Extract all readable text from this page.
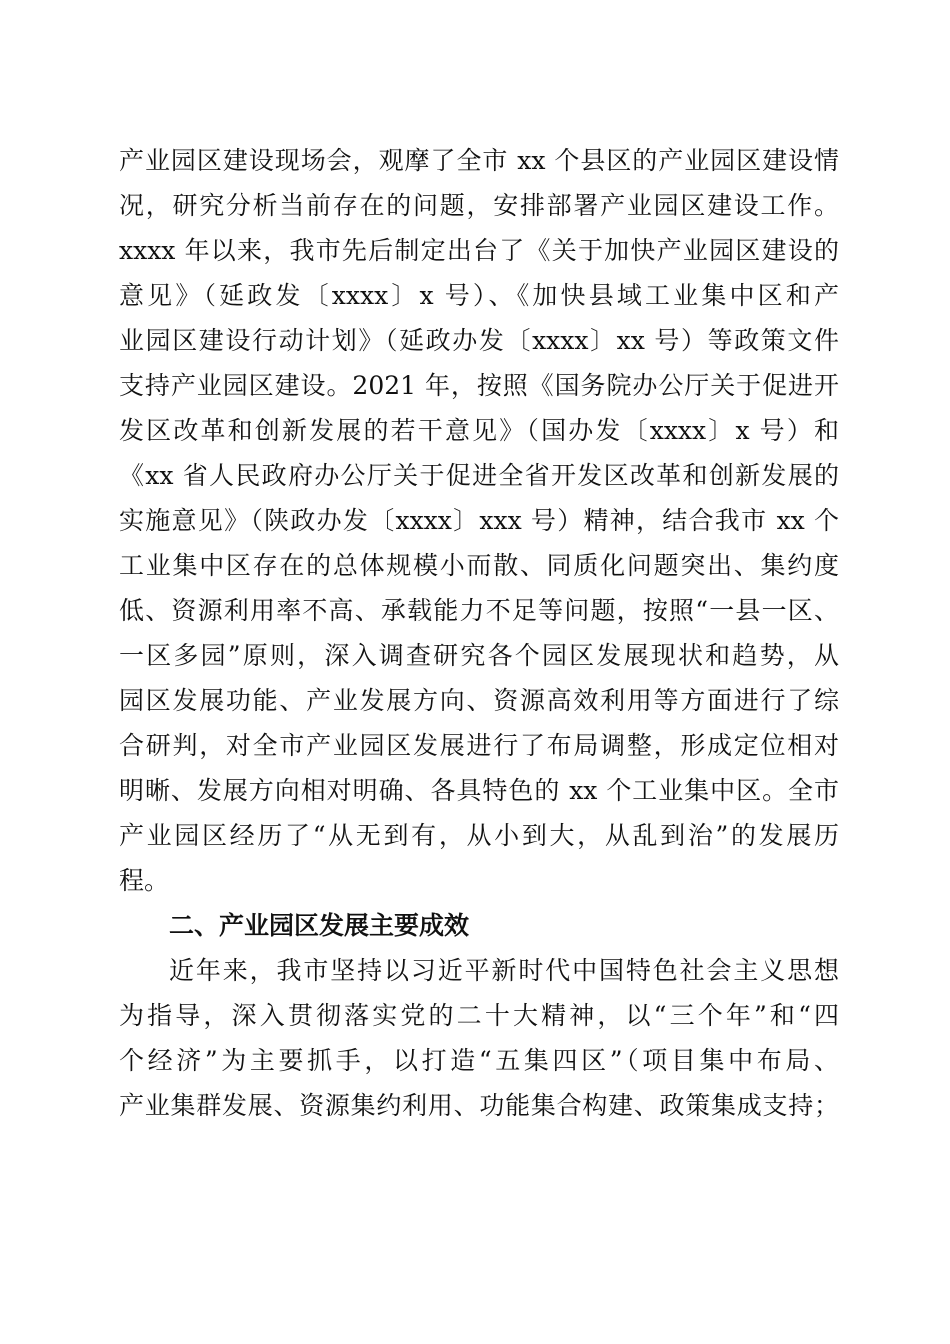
产业园区建设现场会，观摩了全市 xx 个县区的产业园区建设情
况，研究分析当前存在的问题，安排部署产业园区建设工作。
xxxx 年以来，我市先后制定出台了《关于加快产业园区建设的
意见》（延政发〔xxxx〕x 号）、《加快县域工业集中区和产
业园区建设行动计划》（延政办发〔xxxx〕xx 号）等政策文件
支持产业园区建设。2021 年，按照《国务院办公厅关于促进开
发区改革和创新发展的若干意见》（国办发〔xxxx〕x 号）和
《xx 省人民政府办公厅关于促进全省开发区改革和创新发展的
实施意见》（陕政办发〔xxxx〕xxx 号）精神，结合我市 xx 个
工业集中区存在的总体规模小而散、同质化问题突出、集约度
低、资源利用率不高、承载能力不足等问题，按照“一县一区、
一区多园”原则，深入调查研究各个园区发展现状和趋势，从
园区发展功能、产业发展方向、资源高效利用等方面进行了综
合研判，对全市产业园区发展进行了布局调整，形成定位相对
明晰、发展方向相对明确、各具特色的 xx 个工业集中区。全市
产业园区经历了“从无到有，从小到大，从乱到治”的发展历
程。
二、产业园区发展主要成效
近年来，我市坚持以习近平新时代中国特色社会主义思想
为指导，深入贯彻落实党的二十大精神，以“三个年”和“四
个经济”为主要抓手，以打造“五集四区”（项目集中布局、
产业集群发展、资源集约利用、功能集合构建、政策集成支持；
